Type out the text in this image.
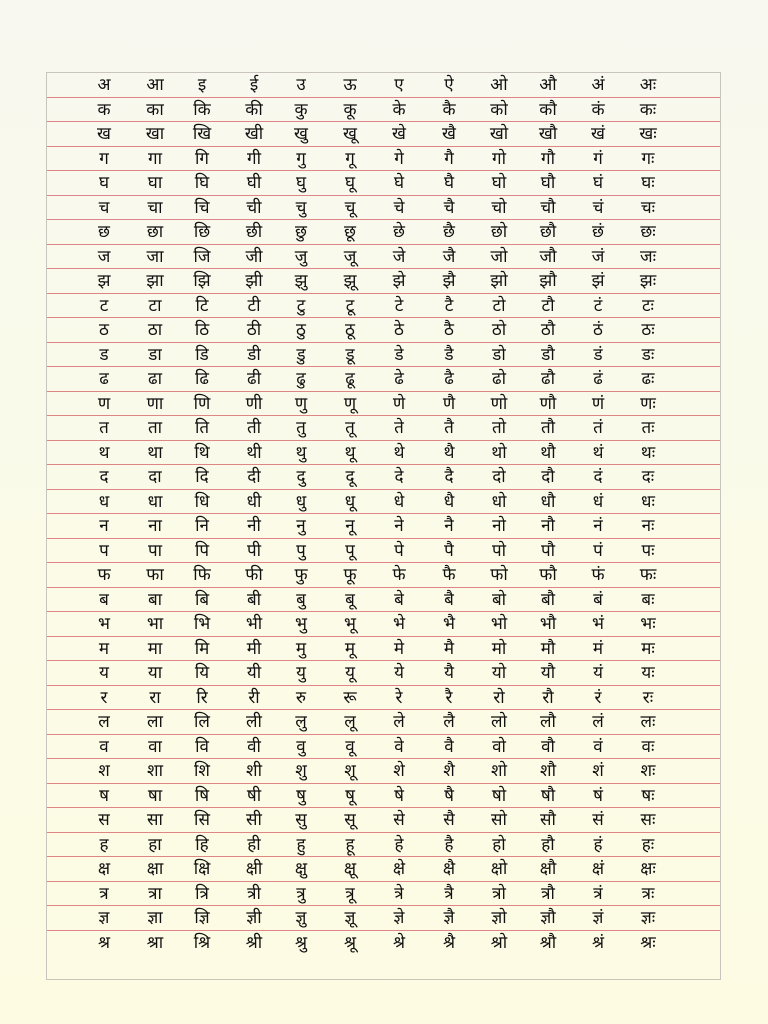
अ	आ	इ	ई	उ	ऊ	ए	ऐ	ओ	औ	अं	अः
क	का	कि	की	कु	कू	के	कै	को	कौ	कं	कः
ख	खा	खि	खी	खु	खू	खे	खै	खो	खौ	खं	खः
ग	गा	गि	गी	गु	गू	गे	गै	गो	गौ	गं	गः
घ	घा	घि	घी	घु	घू	घे	घै	घो	घौ	घं	घः
च	चा	चि	ची	चु	चू	चे	चै	चो	चौ	चं	चः
छ	छा	छि	छी	छु	छू	छे	छै	छो	छौ	छं	छः
ज	जा	जि	जी	जु	जू	जे	जै	जो	जौ	जं	जः
झ	झा	झि	झी	झु	झू	झे	झै	झो	झौ	झं	झः
ट	टा	टि	टी	टु	टू	टे	टै	टो	टौ	टं	टः
ठ	ठा	ठि	ठी	ठु	ठू	ठे	ठै	ठो	ठौ	ठं	ठः
ड	डा	डि	डी	डु	डू	डे	डै	डो	डौ	डं	डः
ढ	ढा	ढि	ढी	ढु	ढू	ढे	ढै	ढो	ढौ	ढं	ढः
ण	णा	णि	णी	णु	णू	णे	णै	णो	णौ	णं	णः
त	ता	ति	ती	तु	तू	ते	तै	तो	तौ	तं	तः
थ	था	थि	थी	थु	थू	थे	थै	थो	थौ	थं	थः
द	दा	दि	दी	दु	दू	दे	दै	दो	दौ	दं	दः
ध	धा	धि	धी	धु	धू	धे	धै	धो	धौ	धं	धः
न	ना	नि	नी	नु	नू	ने	नै	नो	नौ	नं	नः
प	पा	पि	पी	पु	पू	पे	पै	पो	पौ	पं	पः
फ	फा	फि	फी	फु	फू	फे	फै	फो	फौ	फं	फः
ब	बा	बि	बी	बु	बू	बे	बै	बो	बौ	बं	बः
भ	भा	भि	भी	भु	भू	भे	भै	भो	भौ	भं	भः
म	मा	मि	मी	मु	मू	मे	मै	मो	मौ	मं	मः
य	या	यि	यी	यु	यू	ये	यै	यो	यौ	यं	यः
र	रा	रि	री	रु	रू	रे	रै	रो	रौ	रं	रः
ल	ला	लि	ली	लु	लू	ले	लै	लो	लौ	लं	लः
व	वा	वि	वी	वु	वू	वे	वै	वो	वौ	वं	वः
श	शा	शि	शी	शु	शू	शे	शै	शो	शौ	शं	शः
ष	षा	षि	षी	षु	षू	षे	षै	षो	षौ	षं	षः
स	सा	सि	सी	सु	सू	से	सै	सो	सौ	सं	सः
ह	हा	हि	ही	हु	हू	हे	है	हो	हौ	हं	हः
क्ष	क्षा	क्षि	क्षी	क्षु	क्षू	क्षे	क्षै	क्षो	क्षौ	क्षं	क्षः
त्र	त्रा	त्रि	त्री	त्रु	त्रू	त्रे	त्रै	त्रो	त्रौ	त्रं	त्रः
ज्ञ	ज्ञा	ज्ञि	ज्ञी	ज्ञु	ज्ञू	ज्ञे	ज्ञै	ज्ञो	ज्ञौ	ज्ञं	ज्ञः
श्र	श्रा	श्रि	श्री	श्रु	श्रू	श्रे	श्रै	श्रो	श्रौ	श्रं	श्रः
